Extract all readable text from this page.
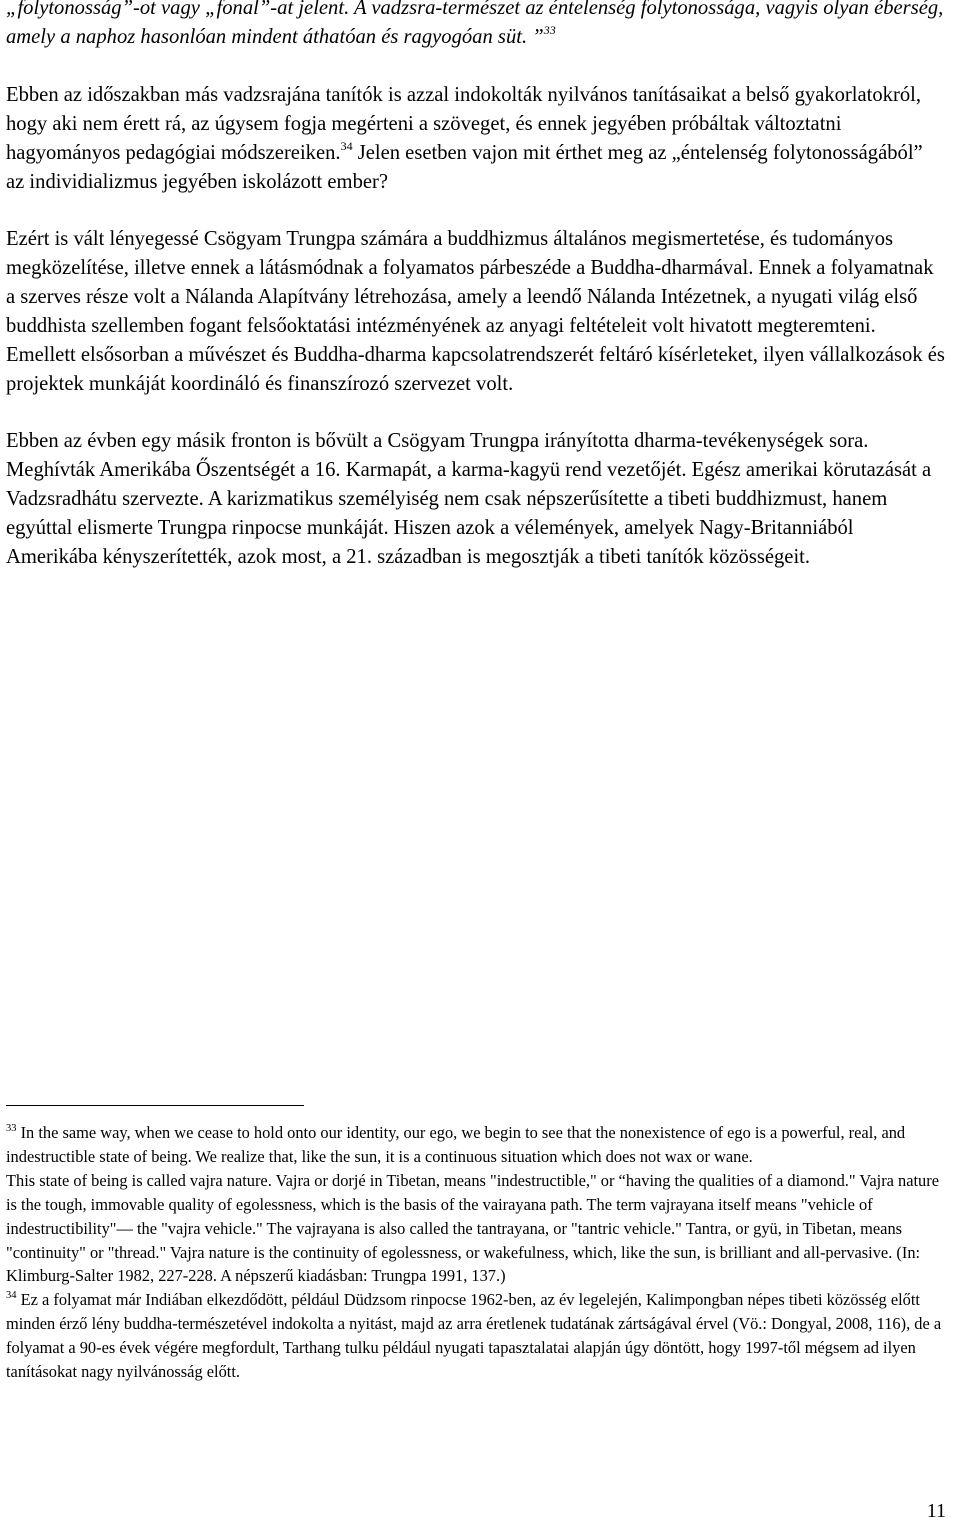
„folytonosság”-ot vagy „fonal”-at jelent. A vadzsra-természet az éntelenség folytonossága, vagyis olyan éberség, amely a naphoz hasonlóan mindent áthatóan és ragyogóan süt. ”$^{33}$

Ebben az időszakban más vadzsrajána tanítók is azzal indokolták nyilvános tanításaikat a belső gyakorlatokról, hogy aki nem érett rá, az úgysem fogja megérteni a szöveget, és ennek jegyében próbáltak változtatni hagyományos pedagógiai módszereiken.$^{34}$ Jelen esetben vajon mit érthet meg az „éntelenség folytonosságából” az individializmus jegyében iskolázott ember?

Ezért is vált lényegessé Csögyam Trungpa számára a buddhizmus általános megismertetése, és tudományos megközelítése, illetve ennek a látásmódnak a folyamatos párbeszéde a Buddha-dharmával. Ennek a folyamatnak a szerves része volt a Nálanda Alapítvány létrehozása, amely a leendő Nálanda Intézetnek, a nyugati világ első buddhista szellemben fogant felsőoktatási intézményének az anyagi feltételeit volt hivatott megteremteni. Emellett elsősorban a művészet és Buddha-dharma kapcsolatrendszerét feltáró kísérleteket, ilyen vállalkozások és projektek munkáját koordináló és finanszírozó szervezet volt.

Ebben az évben egy másik fronton is bővült a Csögyam Trungpa irányította dharma-tevékenységek sora. Meghívták Amerikába Őszentségét a 16. Karmapát, a karma-kagyü rend vezetőjét. Egész amerikai körutazását a Vadzsradhátu szervezte. A karizmatikus személyiség nem csak népszerűsítette a tibeti buddhizmust, hanem egyúttal elismerte Trungpa rinpocse munkáját. Hiszen azok a vélemények, amelyek Nagy-Britanniából Amerikába kényszerítették, azok most, a 21. században is megosztják a tibeti tanítók közösségeit.

$^{33}$ In the same way, when we cease to hold onto our identity, our ego, we begin to see that the nonexistence of ego is a powerful, real, and indestructible state of being. We realize that, like the sun, it is a continuous situation which does not wax or wane.

This state of being is called vajra nature. Vajra or dorjé in Tibetan, means "indestructible," or “having the qualities of a diamond." Vajra nature is the tough, immovable quality of egolessness, which is the basis of the vairayana path. The term vajrayana itself means "vehicle of indestructibility"— the "vajra vehicle." The vajrayana is also called the tantrayana, or "tantric vehicle." Tantra, or gyü, in Tibetan, means "continuity" or "thread." Vajra nature is the continuity of egolessness, or wakefulness, which, like the sun, is brilliant and all-pervasive. (In: Klimburg-Salter 1982, 227-228. A népszerű kiadásban: Trungpa 1991, 137.)

$^{34}$ Ez a folyamat már Indiában elkezdődött, például Düdzsom rinpocse 1962-ben, az év legelején, Kalimpongban népes tibeti közösség előtt minden érző lény buddha-természetével indokolta a nyitást, majd az arra éretlenek tudatának zártságával érvel (Vö.: Dongyal, 2008, 116), de a folyamat a 90-es évek végére megfordult, Tarthang tulku például nyugati tapasztalatai alapján úgy döntött, hogy 1997-től mégsem ad ilyen tanításokat nagy nyilvánosság előtt.

11
